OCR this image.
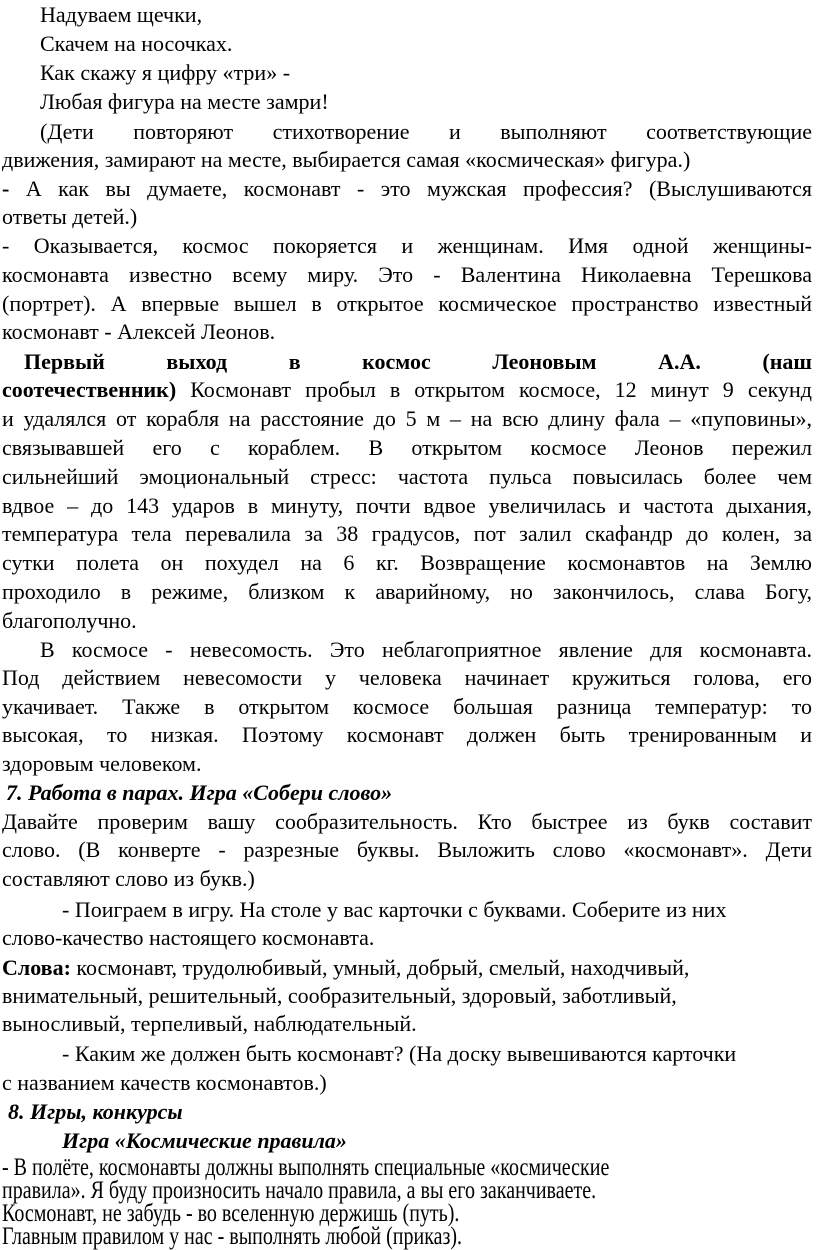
Надуваем щечки,
Скачем на носочках.
Как скажу я цифру «три» -
Любая фигура на месте замри!
(Дети повторяют стихотворение и выполняют соответствующие
движения, замирают на месте, выбирается самая «космическая» фигура.)
- А как вы думаете, космонавт - это мужская профессия? (Выслушиваются
ответы детей.)
- Оказывается, космос покоряется и женщинам. Имя одной женщины-
космонавта известно всему миру. Это - Валентина Николаевна Терешкова
(портрет). А впервые вышел в открытое космическое пространство известный
космонавт - Алексей Леонов.
Первый выход в космос Леоновым А.А. (наш
соотечественник) Космонавт пробыл в открытом космосе, 12 минут 9 секунд
и удалялся от корабля на расстояние до 5 м – на всю длину фала – «пуповины»,
связывавшей его с кораблем. В открытом космосе Леонов пережил
сильнейший эмоциональный стресс: частота пульса повысилась более чем
вдвое – до 143 ударов в минуту, почти вдвое увеличилась и частота дыхания,
температура тела перевалила за 38 градусов, пот залил скафандр до колен, за
сутки полета он похудел на 6 кг. Возвращение космонавтов на Землю
проходило в режиме, близком к аварийному, но закончилось, слава Богу,
благополучно.
В космосе - невесомость. Это неблагоприятное явление для космонавта.
Под действием невесомости у человека начинает кружиться голова, его
укачивает. Также в открытом космосе большая разница температур: то
высокая, то низкая. Поэтому космонавт должен быть тренированным и
здоровым человеком.
7. Работа в парах. Игра «Собери слово»
Давайте проверим вашу сообразительность. Кто быстрее из букв составит
слово. (В конверте - разрезные буквы. Выложить слово «космонавт». Дети
составляют слово из букв.)
- Поиграем в игру. На столе у вас карточки с буквами. Соберите из них
слово-качество настоящего космонавта.
Слова: космонавт, трудолюбивый, умный, добрый, смелый, находчивый,
внимательный, решительный, сообразительный, здоровый, заботливый,
выносливый, терпеливый, наблюдательный.
- Каким же должен быть космонавт? (На доску вывешиваются карточки
с названием качеств космонавтов.)
8. Игры, конкурсы
Игра «Космические правила»
- В полёте, космонавты должны выполнять специальные «космические
правила». Я буду произносить начало правила, а вы его заканчиваете.
Космонавт, не забудь - во вселенную держишь (путь).
Главным правилом у нас - выполнять любой (приказ).
